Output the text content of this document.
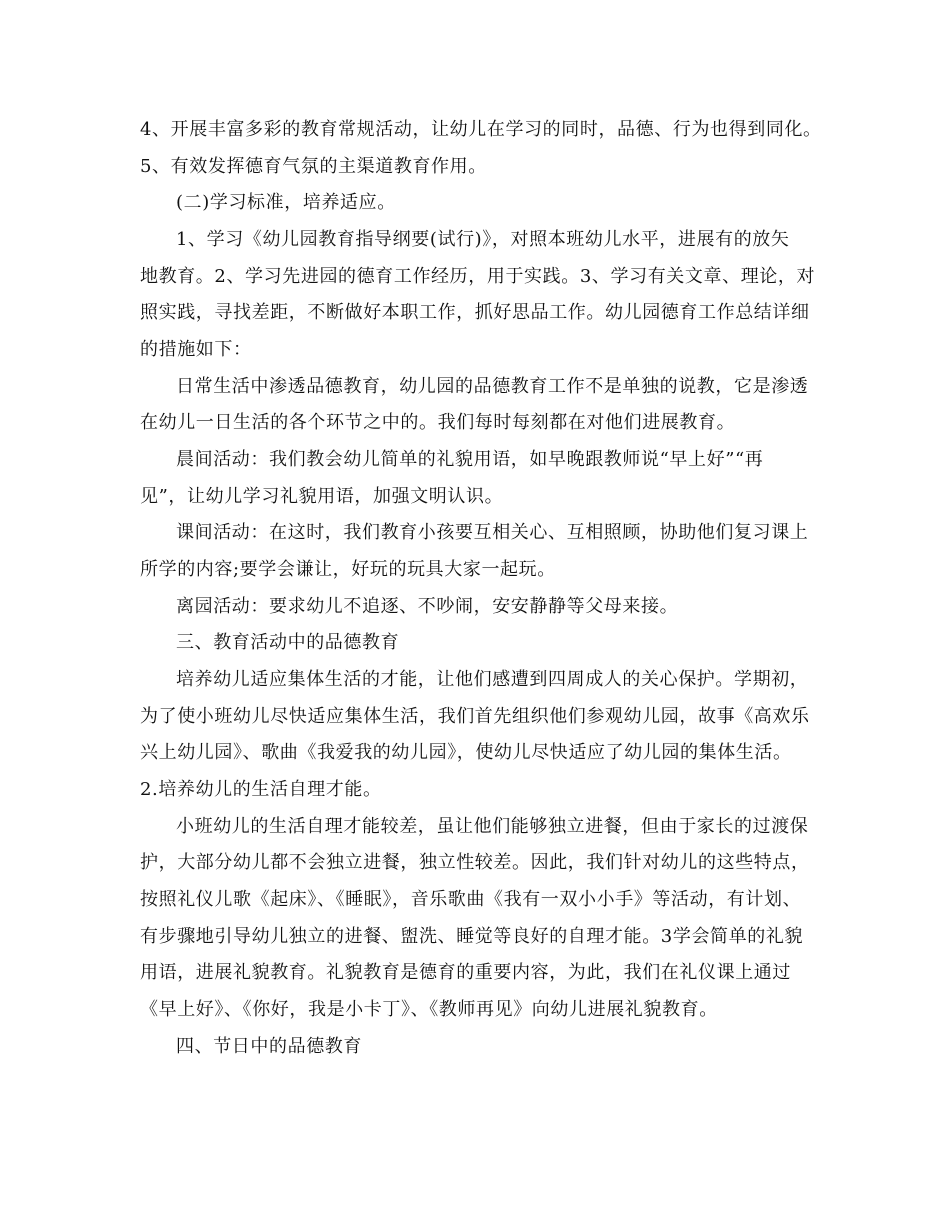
4、开展丰富多彩的教育常规活动，让幼儿在学习的同时，品德、行为也得到同化。
5、有效发挥德育气氛的主渠道教育作用。
(二)学习标准，培养适应。
1、学习《幼儿园教育指导纲要(试行)》，对照本班幼儿水平，进展有的放矢
地教育。2、学习先进园的德育工作经历，用于实践。3、学习有关文章、理论，对
照实践，寻找差距，不断做好本职工作，抓好思品工作。幼儿园德育工作总结详细
的措施如下：
日常生活中渗透品德教育，幼儿园的品德教育工作不是单独的说教，它是渗透
在幼儿一日生活的各个环节之中的。我们每时每刻都在对他们进展教育。
晨间活动：我们教会幼儿简单的礼貌用语，如早晚跟教师说“早上好”“再
见”，让幼儿学习礼貌用语，加强文明认识。
课间活动：在这时，我们教育小孩要互相关心、互相照顾，协助他们复习课上
所学的内容;要学会谦让，好玩的玩具大家一起玩。
离园活动：要求幼儿不追逐、不吵闹，安安静静等父母来接。
三、教育活动中的品德教育
培养幼儿适应集体生活的才能，让他们感遭到四周成人的关心保护。学期初，
为了使小班幼儿尽快适应集体生活，我们首先组织他们参观幼儿园，故事《高欢乐
兴上幼儿园》、歌曲《我爱我的幼儿园》，使幼儿尽快适应了幼儿园的集体生活。
2.培养幼儿的生活自理才能。
小班幼儿的生活自理才能较差，虽让他们能够独立进餐，但由于家长的过渡保
护，大部分幼儿都不会独立进餐，独立性较差。因此，我们针对幼儿的这些特点，
按照礼仪儿歌《起床》、《睡眠》，音乐歌曲《我有一双小小手》等活动，有计划、
有步骤地引导幼儿独立的进餐、盥洗、睡觉等良好的自理才能。3学会简单的礼貌
用语，进展礼貌教育。礼貌教育是德育的重要内容，为此，我们在礼仪课上通过
《早上好》、《你好，我是小卡丁》、《教师再见》向幼儿进展礼貌教育。
四、节日中的品德教育
